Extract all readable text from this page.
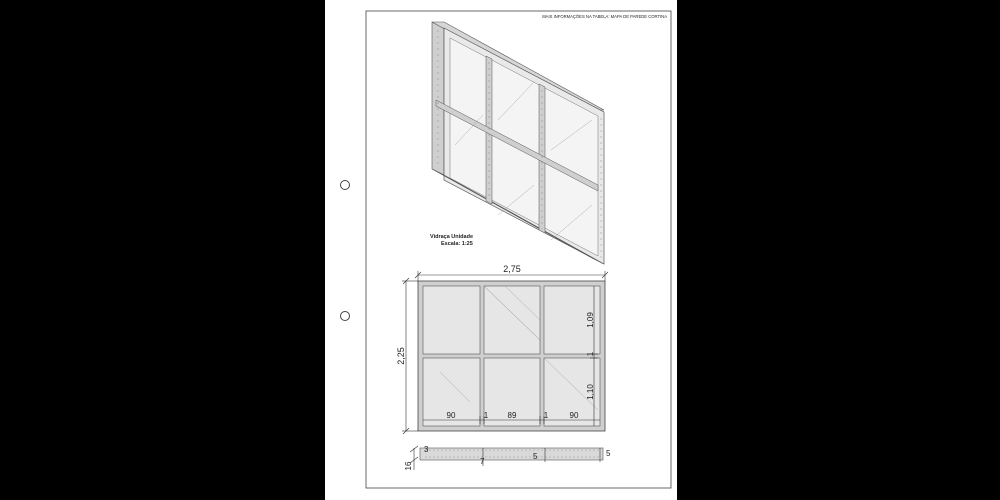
MAIS INFORMAÇÕES NA TABELA: MAPA DE PAREDE CORTINA
Vidraça Unidade
Escala: 1:25
2,75
2,25
90	89	90
1	1
1,09
1,10
1
3
16	7
5	5
